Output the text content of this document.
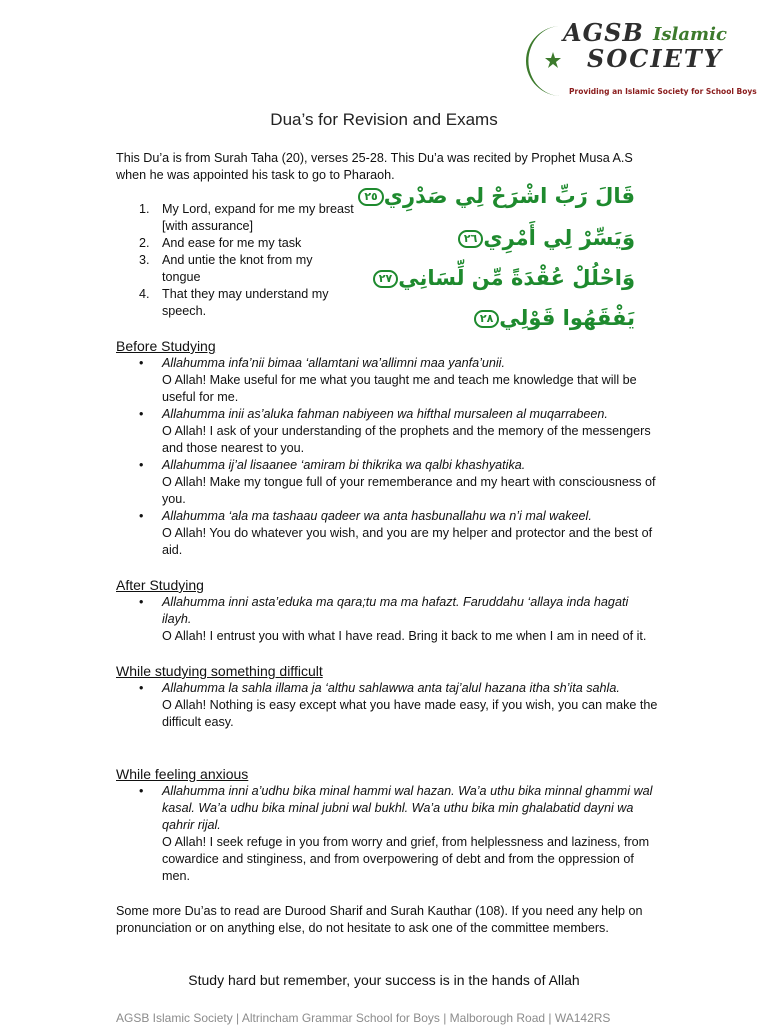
AGSB Islamic
SOCIETY
Providing an Islamic Society for School Boys
Dua’s for Revision and Exams
This Du’a is from Surah Taha (20), verses 25-28. This Du’a was recited by Prophet Musa A.S when he was appointed his task to go to Pharaoh.
1. My Lord, expand for me my breast [with assurance]
2. And ease for me my task
3. And untie the knot from my tongue
4. That they may understand my speech.
قَالَ رَبِّ اشْرَحْ لِي صَدْرِي٢٥
وَيَسِّرْ لِي أَمْرِي٢٦
وَاحْلُلْ عُقْدَةً مِّن لِّسَانِي٢٧
يَفْقَهُوا قَوْلِي٢٨
Before Studying
• Allahumma infa’nii bimaa ‘allamtani wa’allimni maa yanfa’unii.
O Allah! Make useful for me what you taught me and teach me knowledge that will be useful for me.
• Allahumma inii as’aluka fahman nabiyeen wa hifthal mursaleen al muqarrabeen.
O Allah! I ask of your understanding of the prophets and the memory of the messengers and those nearest to you.
• Allahumma ij’al lisaanee ‘amiram bi thikrika wa qalbi khashyatika.
O Allah! Make my tongue full of your rememberance and my heart with consciousness of you.
• Allahumma ‘ala ma tashaau qadeer wa anta hasbunallahu wa n’i mal wakeel.
O Allah! You do whatever you wish, and you are my helper and protector and the best of aid.
After Studying
• Allahumma inni asta’eduka ma qara;tu ma ma hafazt. Faruddahu ‘allaya inda hagati ilayh.
O Allah! I entrust you with what I have read. Bring it back to me when I am in need of it.
While studying something difficult
• Allahumma la sahla illama ja ‘althu sahlawwa anta taj’alul hazana itha sh’ita sahla.
O Allah! Nothing is easy except what you have made easy, if you wish, you can make the difficult easy.
While feeling anxious
• Allahumma inni a’udhu bika minal hammi wal hazan. Wa’a uthu bika minnal ghammi wal kasal. Wa’a udhu bika minal jubni wal bukhl. Wa’a uthu bika min ghalabatid dayni wa qahrir rijal.
O Allah! I seek refuge in you from worry and grief, from helplessness and laziness, from cowardice and stinginess, and from overpowering of debt and from the oppression of men.
Some more Du’as to read are Durood Sharif and Surah Kauthar (108). If you need any help on pronunciation or on anything else, do not hesitate to ask one of the committee members.
Study hard but remember, your success is in the hands of Allah
AGSB Islamic Society | Altrincham Grammar School for Boys | Malborough Road | WA142RS
